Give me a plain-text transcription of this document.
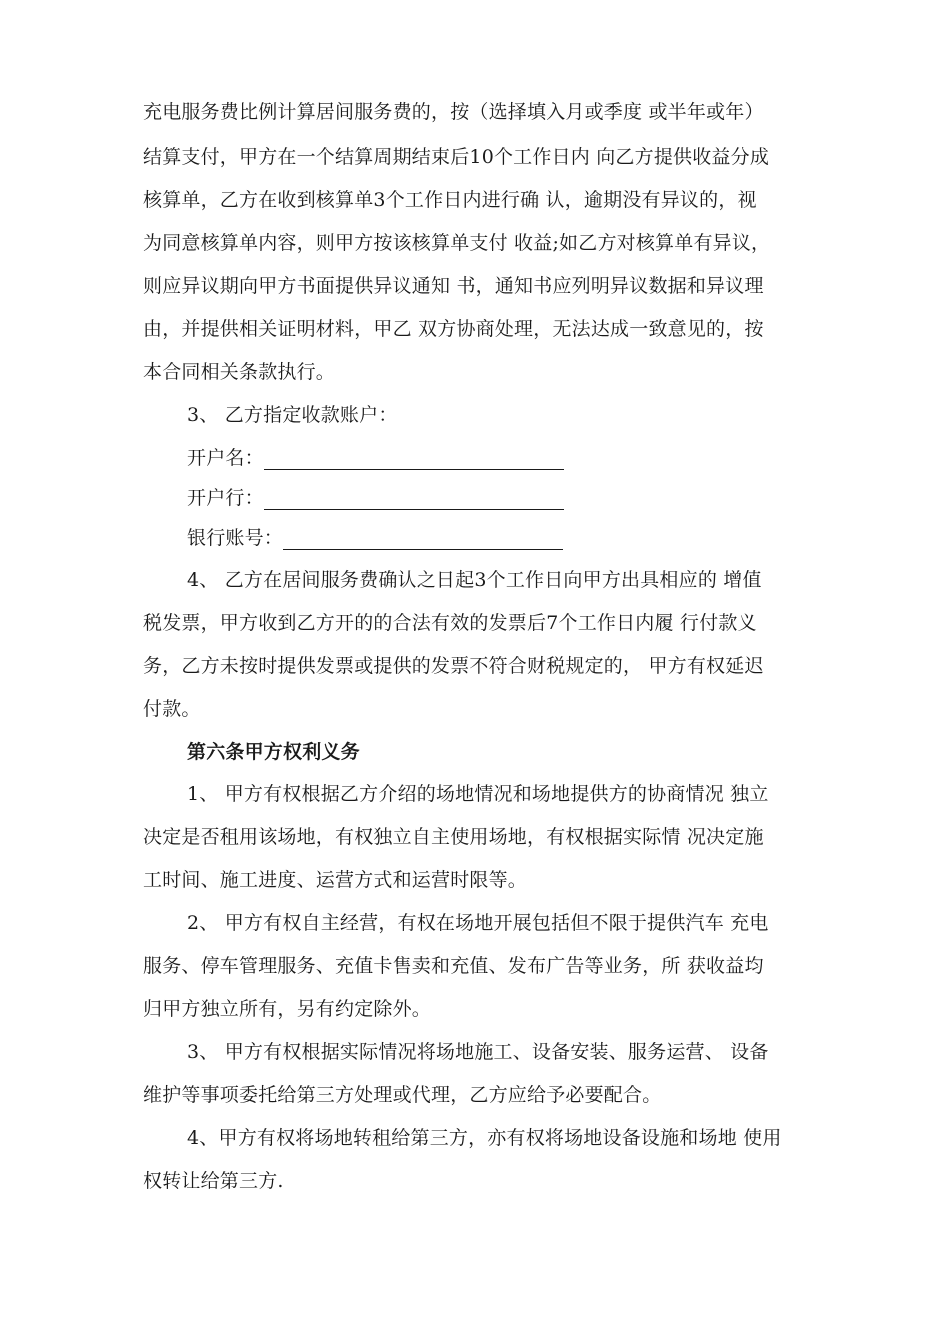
充电服务费比例计算居间服务费的，按（选择填入月或季度 或半年或年）
结算支付，甲方在一个结算周期结束后10个工作日内 向乙方提供收益分成
核算单，乙方在收到核算单3个工作日内进行确 认，逾期没有异议的，视
为同意核算单内容，则甲方按该核算单支付 收益;如乙方对核算单有异议，
则应异议期向甲方书面提供异议通知 书，通知书应列明异议数据和异议理
由，并提供相关证明材料，甲乙 双方协商处理，无法达成一致意见的，按
本合同相关条款执行。
3、 乙方指定收款账户：
开户名：
开户行：
银行账号：
4、 乙方在居间服务费确认之日起3个工作日向甲方出具相应的 增值
税发票，甲方收到乙方开的的合法有效的发票后7个工作日内履 行付款义
务，乙方未按时提供发票或提供的发票不符合财税规定的， 甲方有权延迟
付款。
第六条甲方权利义务
1、 甲方有权根据乙方介绍的场地情况和场地提供方的协商情况 独立
决定是否租用该场地，有权独立自主使用场地，有权根据实际情 况决定施
工时间、施工进度、运营方式和运营时限等。
2、 甲方有权自主经营，有权在场地开展包括但不限于提供汽车 充电
服务、停车管理服务、充值卡售卖和充值、发布广告等业务，所 获收益均
归甲方独立所有，另有约定除外。
3、 甲方有权根据实际情况将场地施工、设备安装、服务运营、 设备
维护等事项委托给第三方处理或代理，乙方应给予必要配合。
4、甲方有权将场地转租给第三方，亦有权将场地设备设施和场地 使用
权转让给第三方.
